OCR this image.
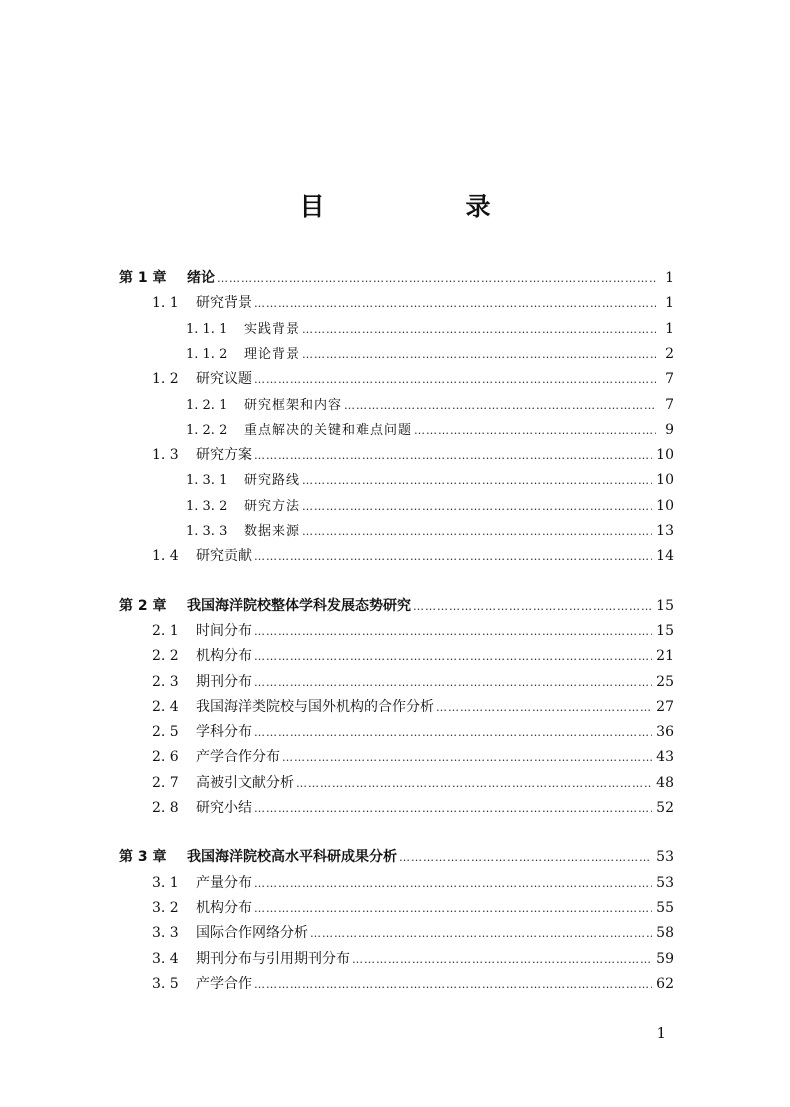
目　录
第 1 章	绪论 ……………………………………………………………………………………………………………………………………………………………………………………………………………………	1
1. 1	研究背景 ……………………………………………………………………………………………………………………………………………………………………………………………………………………	1
1. 1. 1	实践背景 ……………………………………………………………………………………………………………………………………………………………………………………………………………………	1
1. 1. 2	理论背景 ……………………………………………………………………………………………………………………………………………………………………………………………………………………	2
1. 2	研究议题 ……………………………………………………………………………………………………………………………………………………………………………………………………………………	7
1. 2. 1	研究框架和内容 ……………………………………………………………………………………………………………………………………………………………………………………………………………………	7
1. 2. 2	重点解决的关键和难点问题 ……………………………………………………………………………………………………………………………………………………………………………………………………………………	9
1. 3	研究方案 ……………………………………………………………………………………………………………………………………………………………………………………………………………………	10
1. 3. 1	研究路线 ……………………………………………………………………………………………………………………………………………………………………………………………………………………	10
1. 3. 2	研究方法 ……………………………………………………………………………………………………………………………………………………………………………………………………………………	10
1. 3. 3	数据来源 ……………………………………………………………………………………………………………………………………………………………………………………………………………………	13
1. 4	研究贡献 ……………………………………………………………………………………………………………………………………………………………………………………………………………………	14
第 2 章	我国海洋院校整体学科发展态势研究 ……………………………………………………………………………………………………………………………………………………………………………………………………………………	15
2. 1	时间分布 ……………………………………………………………………………………………………………………………………………………………………………………………………………………	15
2. 2	机构分布 ……………………………………………………………………………………………………………………………………………………………………………………………………………………	21
2. 3	期刊分布 ……………………………………………………………………………………………………………………………………………………………………………………………………………………	25
2. 4	我国海洋类院校与国外机构的合作分析 ……………………………………………………………………………………………………………………………………………………………………………………………………………………	27
2. 5	学科分布 ……………………………………………………………………………………………………………………………………………………………………………………………………………………	36
2. 6	产学合作分布 ……………………………………………………………………………………………………………………………………………………………………………………………………………………	43
2. 7	高被引文献分析 ……………………………………………………………………………………………………………………………………………………………………………………………………………………	48
2. 8	研究小结 ……………………………………………………………………………………………………………………………………………………………………………………………………………………	52
第 3 章	我国海洋院校高水平科研成果分析 ……………………………………………………………………………………………………………………………………………………………………………………………………………………	53
3. 1	产量分布 ……………………………………………………………………………………………………………………………………………………………………………………………………………………	53
3. 2	机构分布 ……………………………………………………………………………………………………………………………………………………………………………………………………………………	55
3. 3	国际合作网络分析 ……………………………………………………………………………………………………………………………………………………………………………………………………………………	58
3. 4	期刊分布与引用期刊分布 ……………………………………………………………………………………………………………………………………………………………………………………………………………………	59
3. 5	产学合作 ……………………………………………………………………………………………………………………………………………………………………………………………………………………	62
1
